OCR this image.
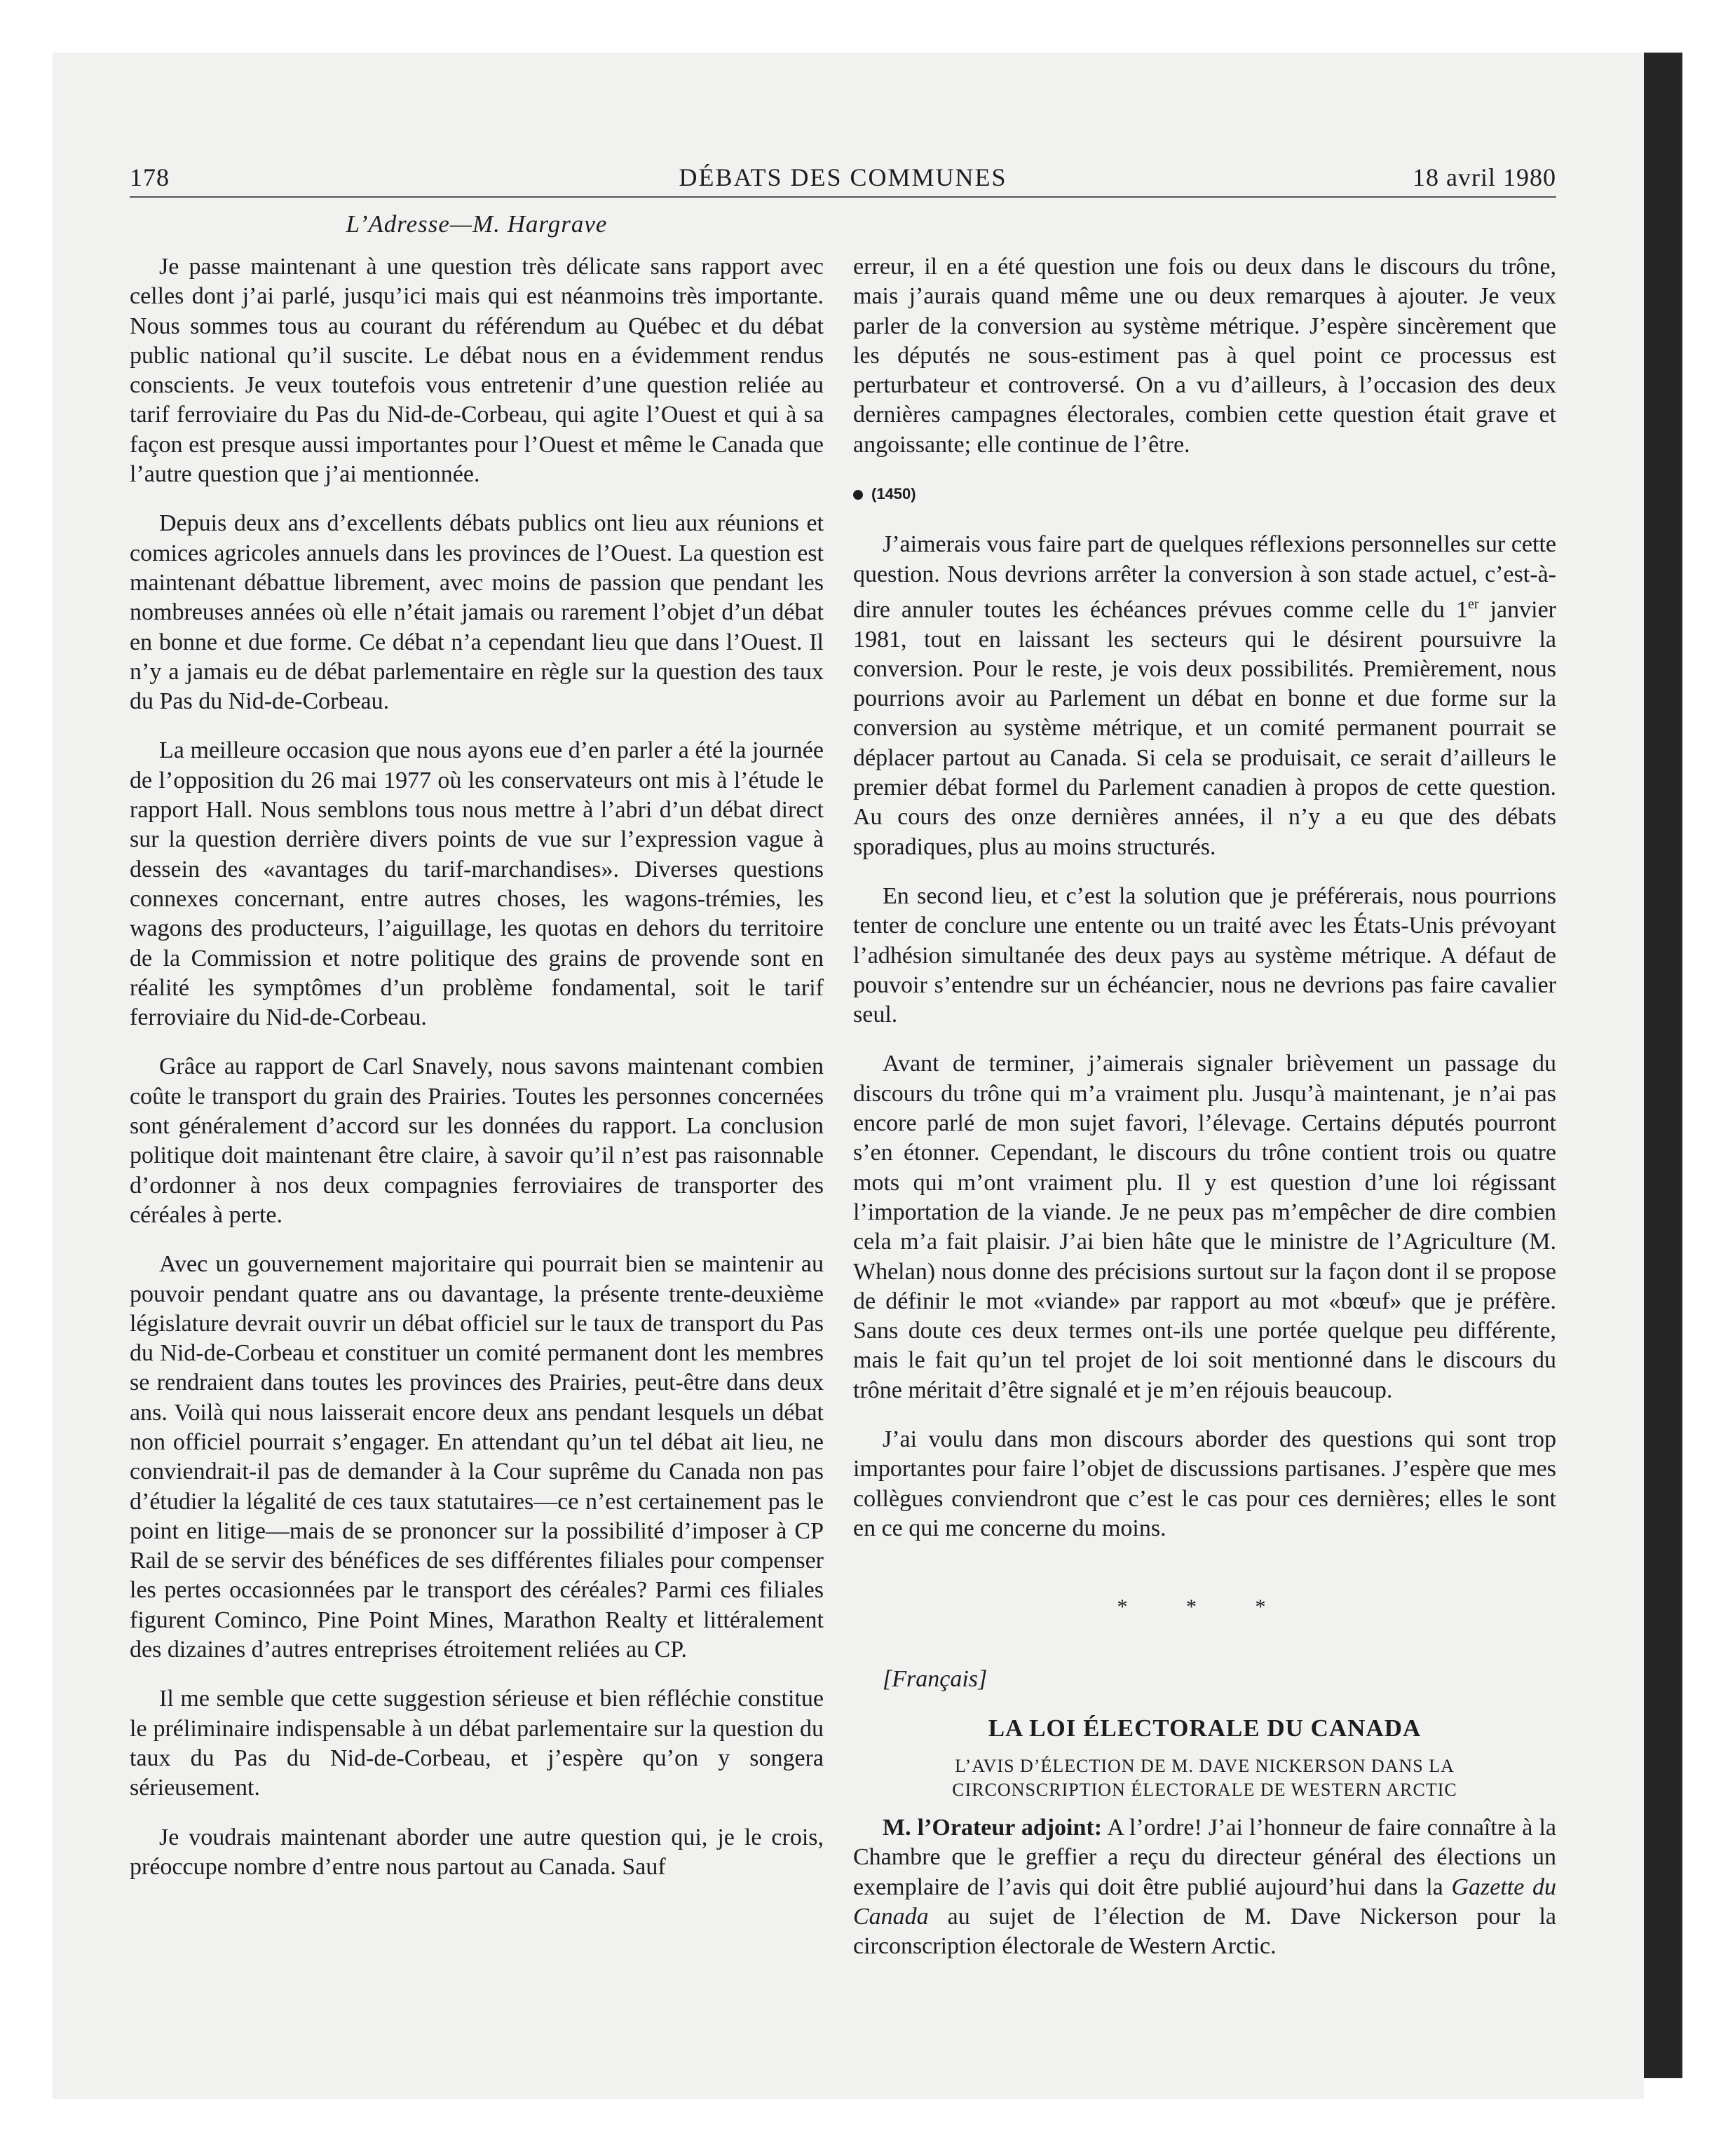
178	DÉBATS DES COMMUNES	18 avril 1980
L’Adresse—M. Hargrave

Je passe maintenant à une question très délicate sans rapport avec celles dont j’ai parlé, jusqu’ici mais qui est néanmoins très importante. Nous sommes tous au courant du référendum au Québec et du débat public national qu’il suscite. Le débat nous en a évidemment rendus conscients. Je veux toutefois vous entretenir d’une question reliée au tarif ferroviaire du Pas du Nid-de-Corbeau, qui agite l’Ouest et qui à sa façon est presque aussi importantes pour l’Ouest et même le Canada que l’autre question que j’ai mentionnée.

Depuis deux ans d’excellents débats publics ont lieu aux réunions et comices agricoles annuels dans les provinces de l’Ouest. La question est maintenant débattue librement, avec moins de passion que pendant les nombreuses années où elle n’était jamais ou rarement l’objet d’un débat en bonne et due forme. Ce débat n’a cependant lieu que dans l’Ouest. Il n’y a jamais eu de débat parlementaire en règle sur la question des taux du Pas du Nid-de-Corbeau.

La meilleure occasion que nous ayons eue d’en parler a été la journée de l’opposition du 26 mai 1977 où les conservateurs ont mis à l’étude le rapport Hall. Nous semblons tous nous mettre à l’abri d’un débat direct sur la question derrière divers points de vue sur l’expression vague à dessein des «avantages du tarif-marchandises». Diverses questions connexes concernant, entre autres choses, les wagons-trémies, les wagons des producteurs, l’aiguillage, les quotas en dehors du territoire de la Commission et notre politique des grains de provende sont en réalité les symptômes d’un problème fondamental, soit le tarif ferroviaire du Nid-de-Corbeau.

Grâce au rapport de Carl Snavely, nous savons maintenant combien coûte le transport du grain des Prairies. Toutes les personnes concernées sont généralement d’accord sur les données du rapport. La conclusion politique doit maintenant être claire, à savoir qu’il n’est pas raisonnable d’ordonner à nos deux compagnies ferroviaires de transporter des céréales à perte.

Avec un gouvernement majoritaire qui pourrait bien se maintenir au pouvoir pendant quatre ans ou davantage, la présente trente-deuxième législature devrait ouvrir un débat officiel sur le taux de transport du Pas du Nid-de-Corbeau et constituer un comité permanent dont les membres se rendraient dans toutes les provinces des Prairies, peut-être dans deux ans. Voilà qui nous laisserait encore deux ans pendant lesquels un débat non officiel pourrait s’engager. En attendant qu’un tel débat ait lieu, ne conviendrait-il pas de demander à la Cour suprême du Canada non pas d’étudier la légalité de ces taux statutaires—ce n’est certainement pas le point en litige—mais de se prononcer sur la possibilité d’imposer à CP Rail de se servir des bénéfices de ses différentes filiales pour compenser les pertes occasionnées par le transport des céréales? Parmi ces filiales figurent Cominco, Pine Point Mines, Marathon Realty et littéralement des dizaines d’autres entreprises étroitement reliées au CP.

Il me semble que cette suggestion sérieuse et bien réfléchie constitue le préliminaire indispensable à un débat parlementaire sur la question du taux du Pas du Nid-de-Corbeau, et j’espère qu’on y songera sérieusement.

Je voudrais maintenant aborder une autre question qui, je le crois, préoccupe nombre d’entre nous partout au Canada. Sauf

erreur, il en a été question une fois ou deux dans le discours du trône, mais j’aurais quand même une ou deux remarques à ajouter. Je veux parler de la conversion au système métrique. J’espère sincèrement que les députés ne sous-estiment pas à quel point ce processus est perturbateur et controversé. On a vu d’ailleurs, à l’occasion des deux dernières campagnes électorales, combien cette question était grave et angoissante; elle continue de l’être.

(1450)

J’aimerais vous faire part de quelques réflexions personnelles sur cette question. Nous devrions arrêter la conversion à son stade actuel, c’est-à-dire annuler toutes les échéances prévues comme celle du 1er janvier 1981, tout en laissant les secteurs qui le désirent poursuivre la conversion. Pour le reste, je vois deux possibilités. Premièrement, nous pourrions avoir au Parlement un débat en bonne et due forme sur la conversion au système métrique, et un comité permanent pourrait se déplacer partout au Canada. Si cela se produisait, ce serait d’ailleurs le premier débat formel du Parlement canadien à propos de cette question. Au cours des onze dernières années, il n’y a eu que des débats sporadiques, plus au moins structurés.

En second lieu, et c’est la solution que je préférerais, nous pourrions tenter de conclure une entente ou un traité avec les États-Unis prévoyant l’adhésion simultanée des deux pays au système métrique. A défaut de pouvoir s’entendre sur un échéancier, nous ne devrions pas faire cavalier seul.

Avant de terminer, j’aimerais signaler brièvement un passage du discours du trône qui m’a vraiment plu. Jusqu’à maintenant, je n’ai pas encore parlé de mon sujet favori, l’élevage. Certains députés pourront s’en étonner. Cependant, le discours du trône contient trois ou quatre mots qui m’ont vraiment plu. Il y est question d’une loi régissant l’importation de la viande. Je ne peux pas m’empêcher de dire combien cela m’a fait plaisir. J’ai bien hâte que le ministre de l’Agriculture (M. Whelan) nous donne des précisions surtout sur la façon dont il se propose de définir le mot «viande» par rapport au mot «bœuf» que je préfère. Sans doute ces deux termes ont-ils une portée quelque peu différente, mais le fait qu’un tel projet de loi soit mentionné dans le discours du trône méritait d’être signalé et je m’en réjouis beaucoup.

J’ai voulu dans mon discours aborder des questions qui sont trop importantes pour faire l’objet de discussions partisanes. J’espère que mes collègues conviendront que c’est le cas pour ces dernières; elles le sont en ce qui me concerne du moins.

* * *

[Français]

LA LOI ÉLECTORALE DU CANADA
L’AVIS D’ÉLECTION DE M. DAVE NICKERSON DANS LA
CIRCONSCRIPTION ÉLECTORALE DE WESTERN ARCTIC

M. l’Orateur adjoint: A l’ordre! J’ai l’honneur de faire connaître à la Chambre que le greffier a reçu du directeur général des élections un exemplaire de l’avis qui doit être publié aujourd’hui dans la Gazette du Canada au sujet de l’élection de M. Dave Nickerson pour la circonscription électorale de Western Arctic.
